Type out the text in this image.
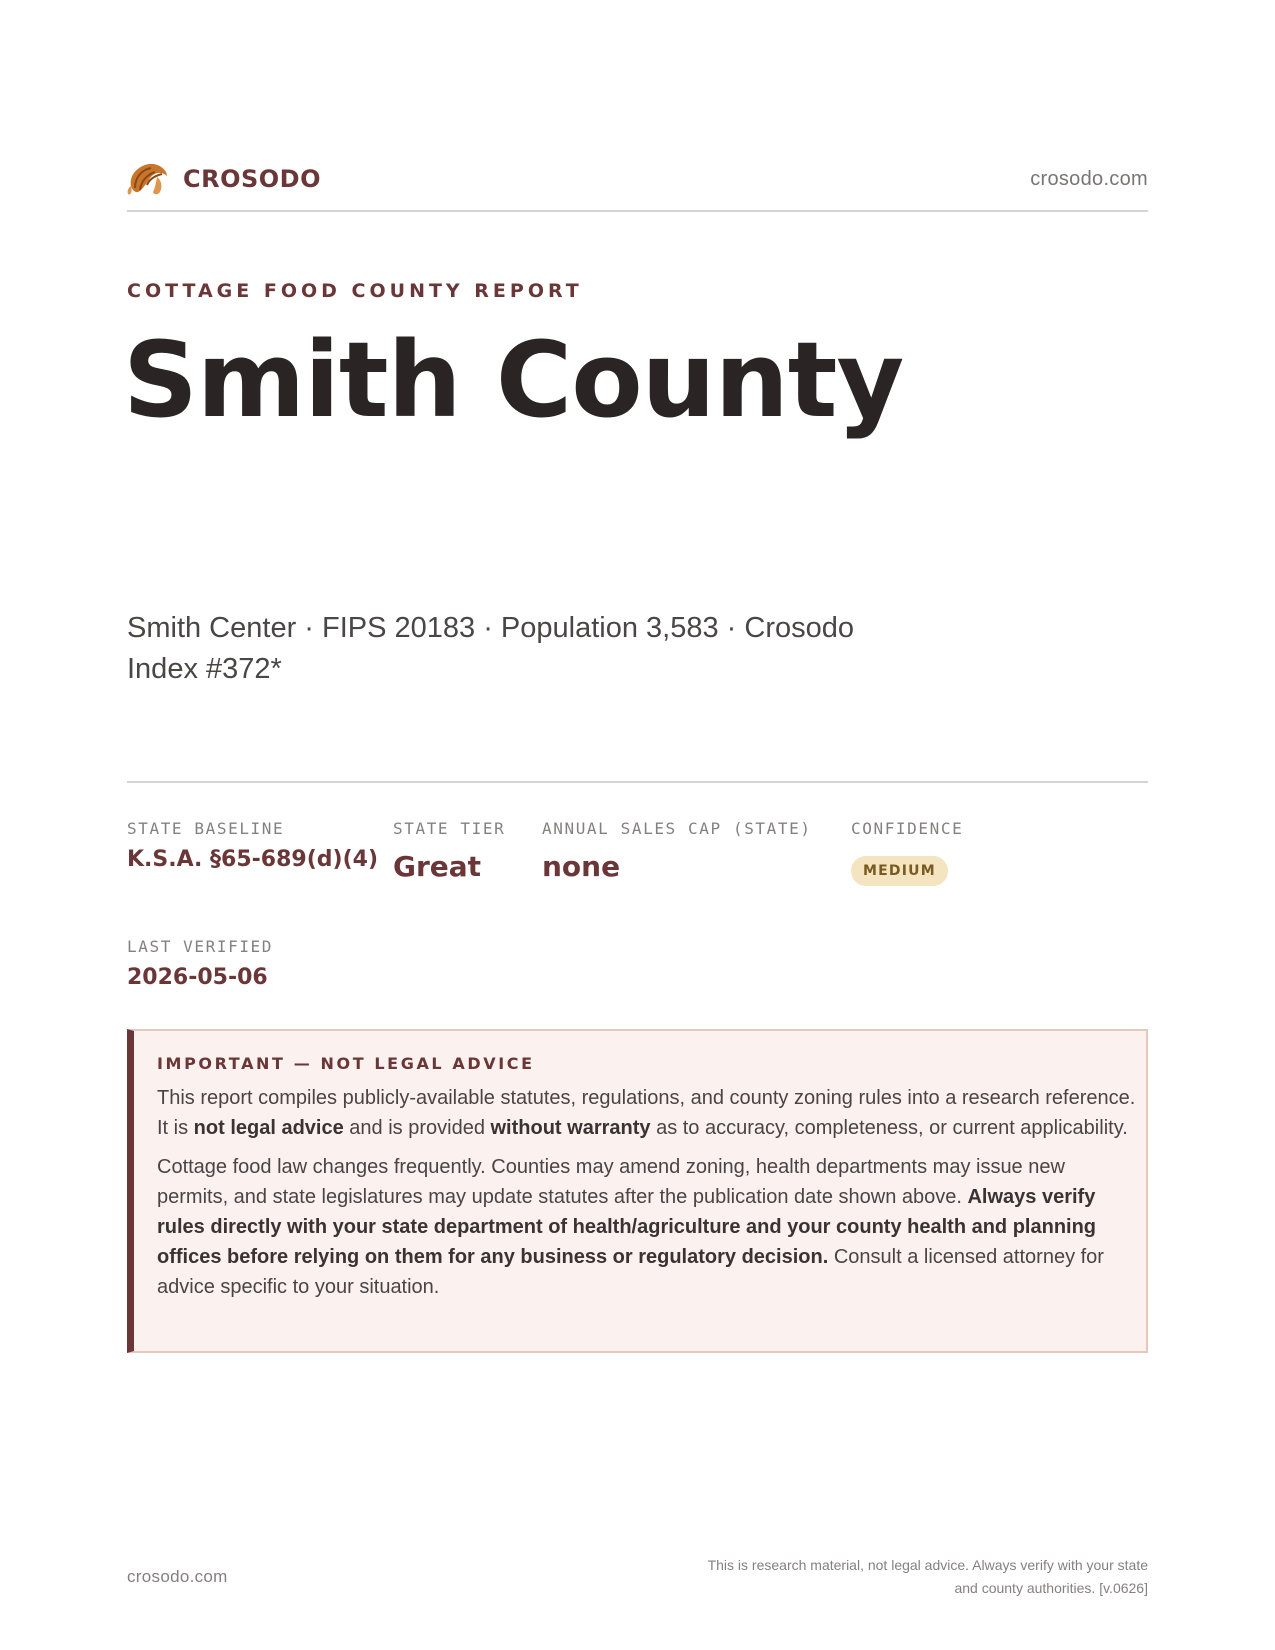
CROSODO	crosodo.com
COTTAGE FOOD COUNTY REPORT
Smith County
Smith Center · FIPS 20183 · Population 3,583 · Crosodo Index #372*
STATE BASELINE
K.S.A. §65-689(d)(4)
STATE TIER
Great
ANNUAL SALES CAP (STATE)
none
CONFIDENCE
MEDIUM
LAST VERIFIED
2026-05-06
IMPORTANT — NOT LEGAL ADVICE

This report compiles publicly-available statutes, regulations, and county zoning rules into a research reference. It is not legal advice and is provided without warranty as to accuracy, completeness, or current applicability.

Cottage food law changes frequently. Counties may amend zoning, health departments may issue new permits, and state legislatures may update statutes after the publication date shown above. Always verify rules directly with your state department of health/agriculture and your county health and planning offices before relying on them for any business or regulatory decision. Consult a licensed attorney for advice specific to your situation.

crosodo.com
This is research material, not legal advice. Always verify with your state
and county authorities. [v.0626]
